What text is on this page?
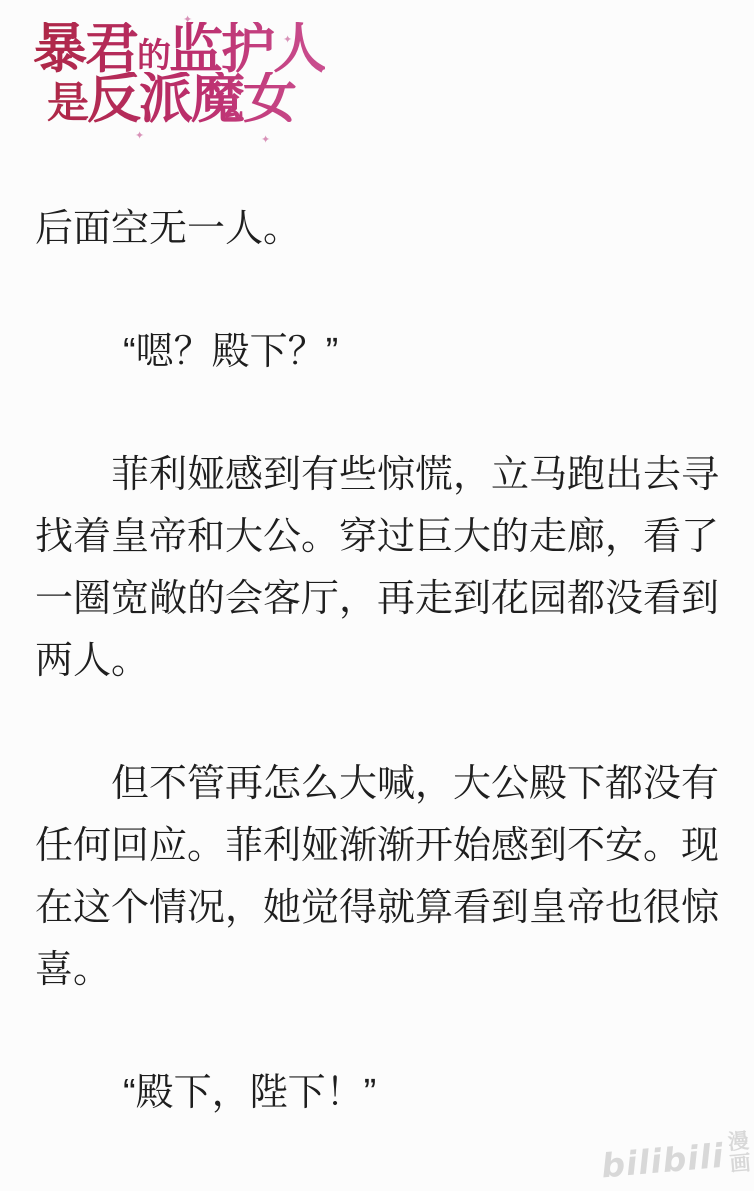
✦
✦
✦	✦
暴君 的 监护人
是 反派魔女

后面空无一人。

“嗯？殿下？”

菲利娅感到有些惊慌，立马跑出去寻找着皇帝和大公。穿过巨大的走廊，看了一圈宽敞的会客厅，再走到花园都没看到两人。

但不管再怎么大喊，大公殿下都没有任何回应。菲利娅渐渐开始感到不安。现在这个情况，她觉得就算看到皇帝也很惊喜。

“殿下，陛下！”

bilibili 漫
画
